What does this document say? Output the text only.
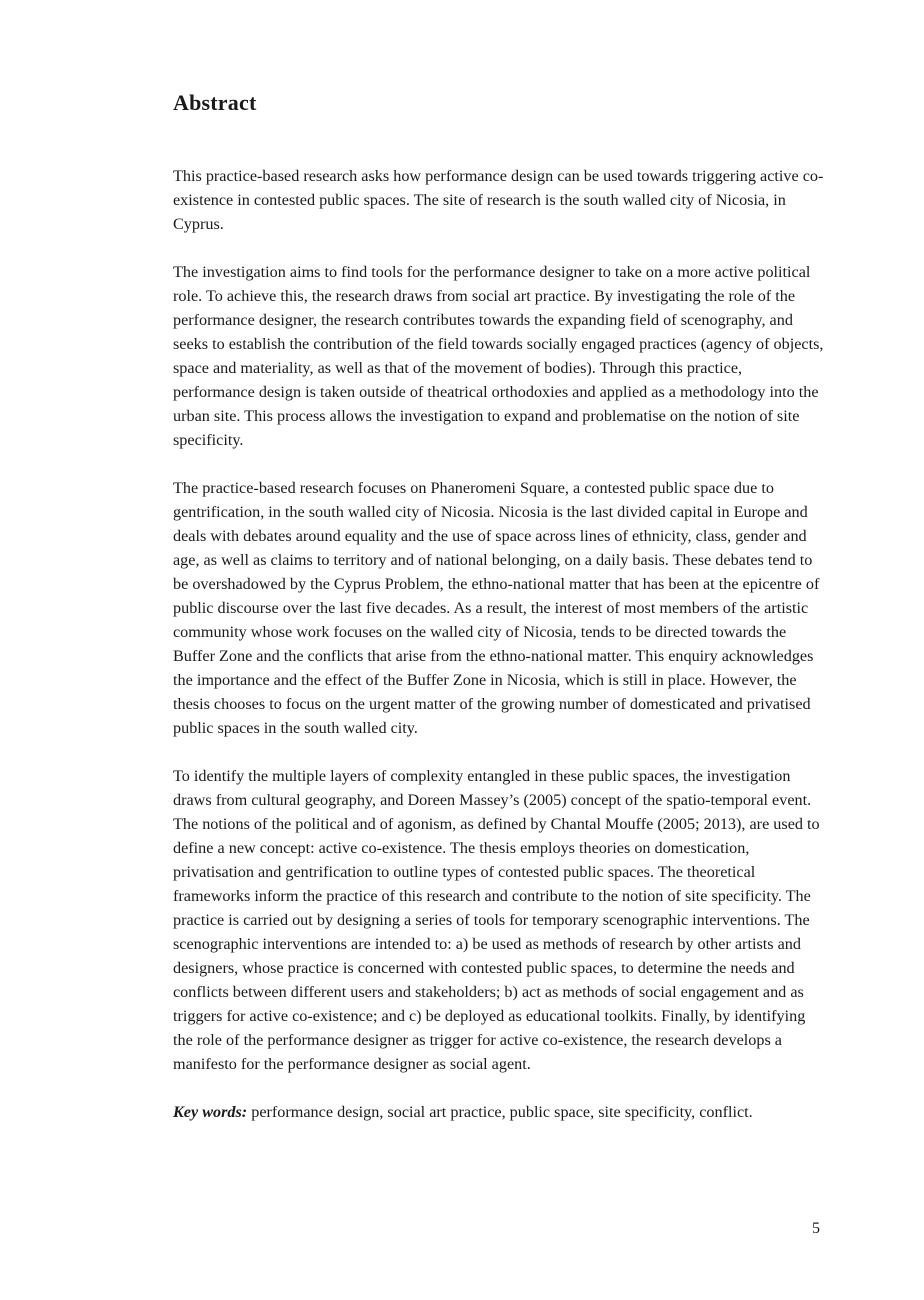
Abstract

This practice-based research asks how performance design can be used towards triggering active co-existence in contested public spaces. The site of research is the south walled city of Nicosia, in Cyprus.

The investigation aims to find tools for the performance designer to take on a more active political role. To achieve this, the research draws from social art practice. By investigating the role of the performance designer, the research contributes towards the expanding field of scenography, and seeks to establish the contribution of the field towards socially engaged practices (agency of objects, space and materiality, as well as that of the movement of bodies). Through this practice, performance design is taken outside of theatrical orthodoxies and applied as a methodology into the urban site. This process allows the investigation to expand and problematise on the notion of site specificity.

The practice-based research focuses on Phaneromeni Square, a contested public space due to gentrification, in the south walled city of Nicosia. Nicosia is the last divided capital in Europe and deals with debates around equality and the use of space across lines of ethnicity, class, gender and age, as well as claims to territory and of national belonging, on a daily basis. These debates tend to be overshadowed by the Cyprus Problem, the ethno-national matter that has been at the epicentre of public discourse over the last five decades. As a result, the interest of most members of the artistic community whose work focuses on the walled city of Nicosia, tends to be directed towards the Buffer Zone and the conflicts that arise from the ethno-national matter. This enquiry acknowledges the importance and the effect of the Buffer Zone in Nicosia, which is still in place. However, the thesis chooses to focus on the urgent matter of the growing number of domesticated and privatised public spaces in the south walled city.

To identify the multiple layers of complexity entangled in these public spaces, the investigation draws from cultural geography, and Doreen Massey’s (2005) concept of the spatio-temporal event. The notions of the political and of agonism, as defined by Chantal Mouffe (2005; 2013), are used to define a new concept: active co-existence. The thesis employs theories on domestication, privatisation and gentrification to outline types of contested public spaces. The theoretical frameworks inform the practice of this research and contribute to the notion of site specificity. The practice is carried out by designing a series of tools for temporary scenographic interventions. The scenographic interventions are intended to: a) be used as methods of research by other artists and designers, whose practice is concerned with contested public spaces, to determine the needs and conflicts between different users and stakeholders; b) act as methods of social engagement and as triggers for active co-existence; and c) be deployed as educational toolkits. Finally, by identifying the role of the performance designer as trigger for active co-existence, the research develops a manifesto for the performance designer as social agent.

Key words: performance design, social art practice, public space, site specificity, conflict.

5
